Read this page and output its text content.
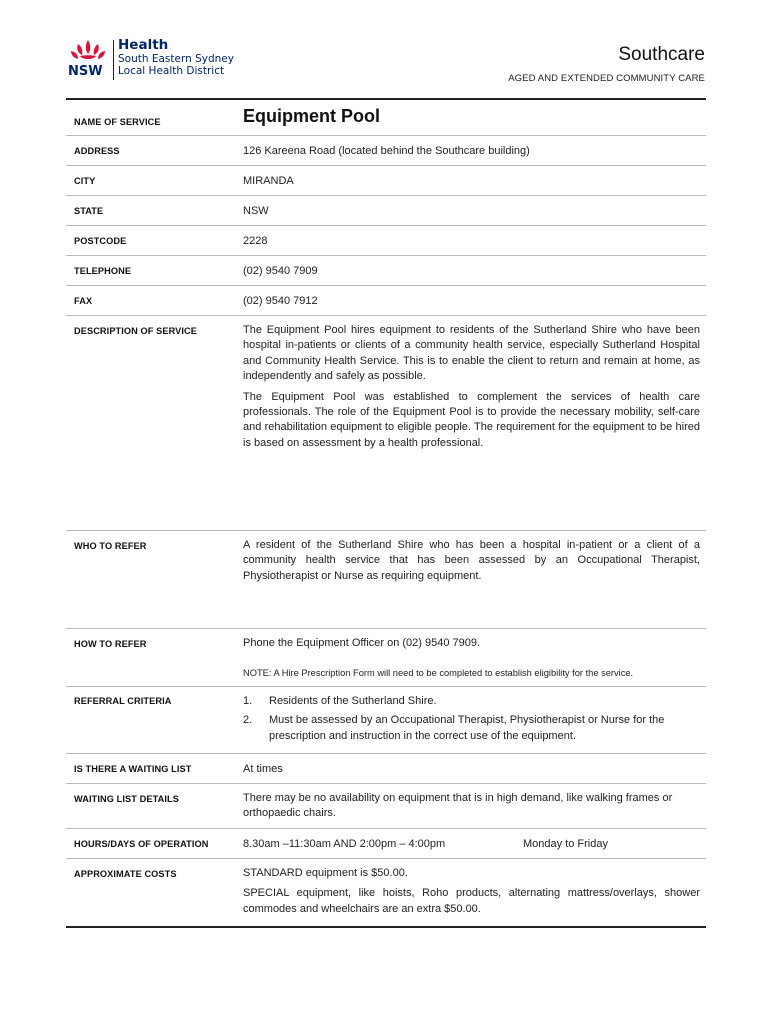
NSW
Health
South Eastern Sydney
Local Health District
Southcare
AGED AND EXTENDED COMMUNITY CARE
NAME OF SERVICE	Equipment Pool
ADDRESS	126 Kareena Road (located behind the Southcare building)
CITY	MIRANDA
STATE	NSW
POSTCODE	2228
TELEPHONE	(02) 9540 7909
FAX	(02) 9540 7912
DESCRIPTION OF SERVICE	The Equipment Pool hires equipment to residents of the Sutherland Shire who have been hospital in-patients or clients of a community health service, especially Sutherland Hospital and Community Health Service. This is to enable the client to return and remain at home, as independently and safely as possible.

The Equipment Pool was established to complement the services of health care professionals. The role of the Equipment Pool is to provide the necessary mobility, self-care and rehabilitation equipment to eligible people. The requirement for the equipment to be hired is based on assessment by a health professional.

WHO TO REFER	A resident of the Sutherland Shire who has been a hospital in-patient or a client of a community health service that has been assessed by an Occupational Therapist, Physiotherapist or Nurse as requiring equipment.

HOW TO REFER	Phone the Equipment Officer on (02) 9540 7909.
NOTE: A Hire Prescription Form will need to be completed to establish eligibility for the service.
REFERRAL CRITERIA	1. Residents of the Sutherland Shire.
2. Must be assessed by an Occupational Therapist, Physiotherapist or Nurse for the prescription and instruction in the correct use of the equipment.
IS THERE A WAITING LIST	At times
WAITING LIST DETAILS	There may be no availability on equipment that is in high demand, like walking frames or orthopaedic chairs.
HOURS/DAYS OF OPERATION	8.30am –11:30am AND 2:00pm – 4:00pm	Monday to Friday
APPROXIMATE COSTS	STANDARD equipment is $50.00.

SPECIAL equipment, like hoists, Roho products, alternating mattress/overlays, shower commodes and wheelchairs are an extra $50.00.
